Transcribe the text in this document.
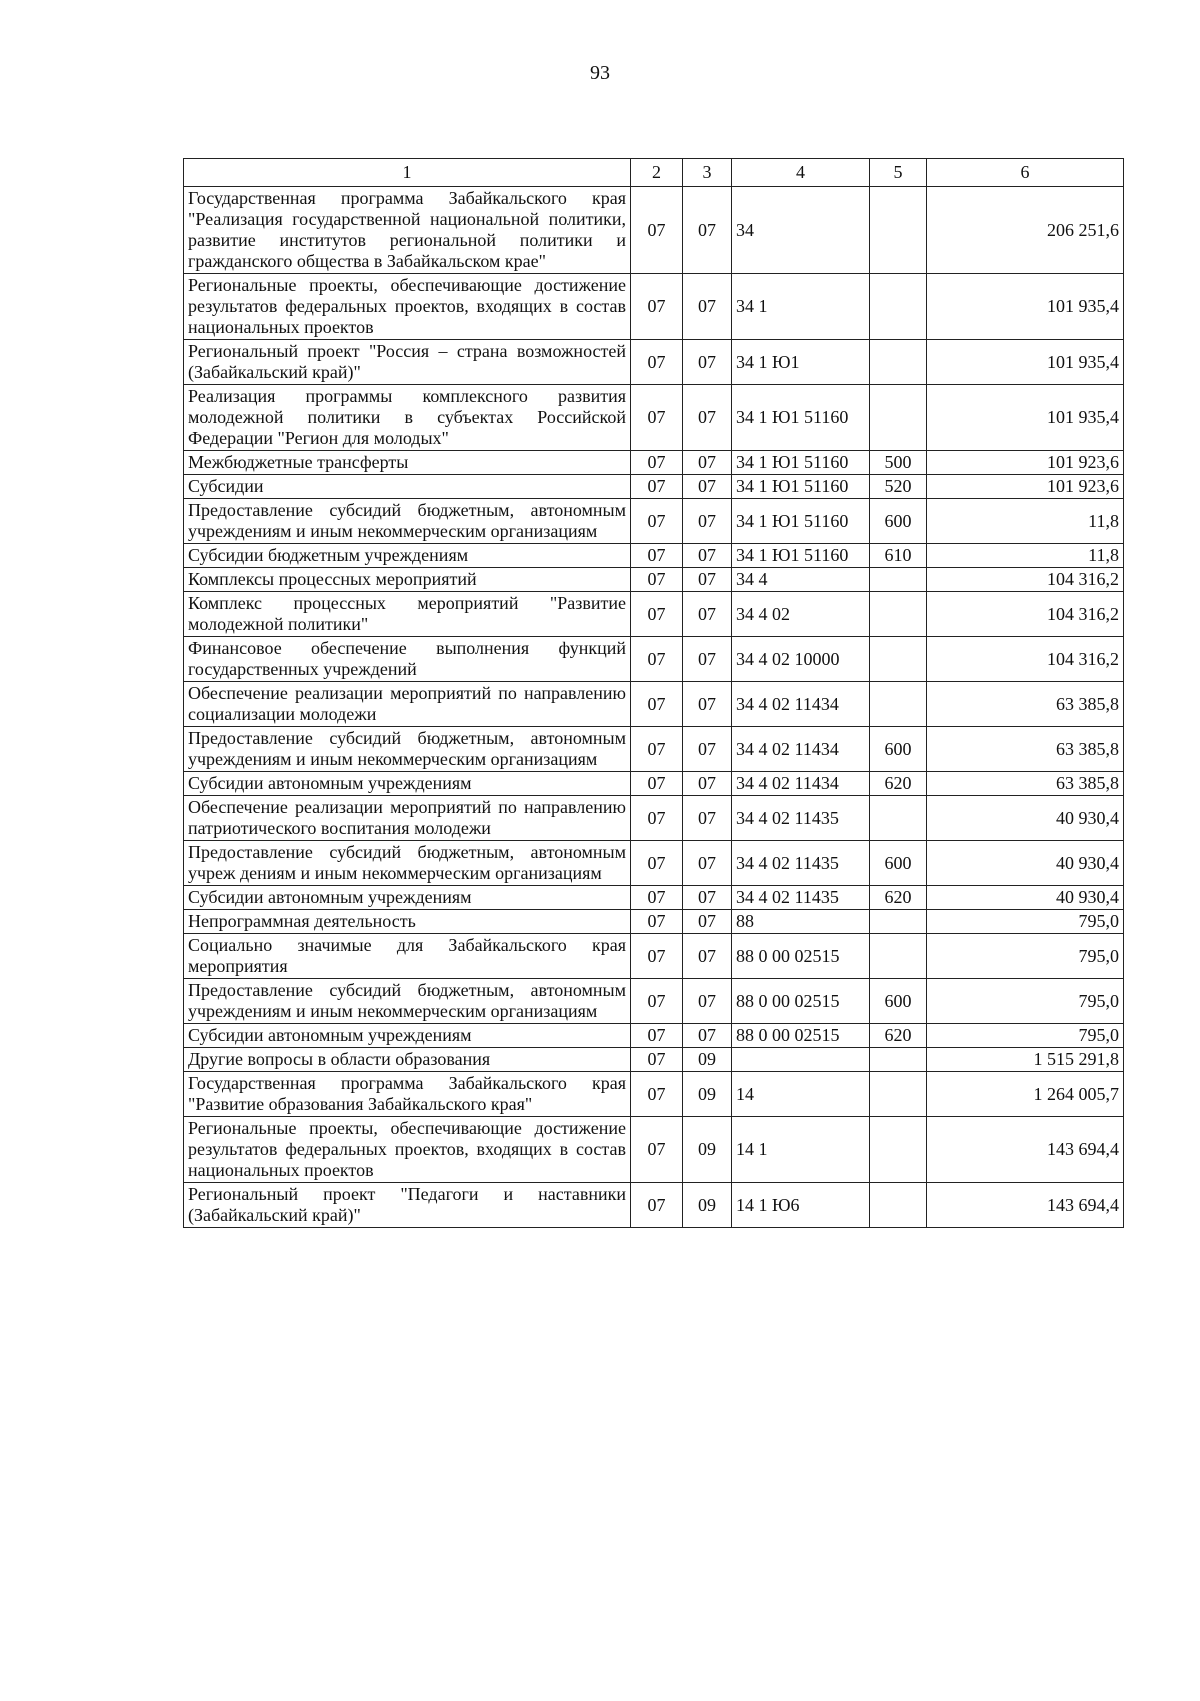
93
1	2	3	4	5	6
Государственная программа Забайкальского края "Реализация государственной национальной политики, развитие институтов региональной политики и гражданского общества в Забайкальском крае"	07	07	34		206 251,6
Региональные проекты, обеспечивающие достижение результатов федеральных проектов, входящих в состав национальных проектов	07	07	34 1		101 935,4
Региональный проект "Россия – страна возможностей (Забайкальский край)"	07	07	34 1 Ю1		101 935,4
Реализация программы комплексного развития молодежной политики в субъектах Российской Федерации "Регион для молодых"	07	07	34 1 Ю1 51160		101 935,4
Межбюджетные трансферты	07	07	34 1 Ю1 51160	500	101 923,6
Субсидии	07	07	34 1 Ю1 51160	520	101 923,6
Предоставление субсидий бюджетным, автономным учреждениям и иным некоммерческим организациям	07	07	34 1 Ю1 51160	600	11,8
Субсидии бюджетным учреждениям	07	07	34 1 Ю1 51160	610	11,8
Комплексы процессных мероприятий	07	07	34 4		104 316,2
Комплекс процессных мероприятий "Развитие молодежной политики"	07	07	34 4 02		104 316,2
Финансовое обеспечение выполнения функций государственных учреждений	07	07	34 4 02 10000		104 316,2
Обеспечение реализации мероприятий по направлению социализации молодежи	07	07	34 4 02 11434		63 385,8
Предоставление субсидий бюджетным, автономным учреждениям и иным некоммерческим организациям	07	07	34 4 02 11434	600	63 385,8
Субсидии автономным учреждениям	07	07	34 4 02 11434	620	63 385,8
Обеспечение реализации мероприятий по направлению патриотического воспитания молодежи	07	07	34 4 02 11435		40 930,4
Предоставление субсидий бюджетным, автономным учреж дениям и иным некоммерческим организациям	07	07	34 4 02 11435	600	40 930,4
Субсидии автономным учреждениям	07	07	34 4 02 11435	620	40 930,4
Непрограммная деятельность	07	07	88		795,0
Социально значимые для Забайкальского края мероприятия	07	07	88 0 00 02515		795,0
Предоставление субсидий бюджетным, автономным учреждениям и иным некоммерческим организациям	07	07	88 0 00 02515	600	795,0
Субсидии автономным учреждениям	07	07	88 0 00 02515	620	795,0
Другие вопросы в области образования	07	09			1 515 291,8
Государственная программа Забайкальского края "Развитие образования Забайкальского края"	07	09	14		1 264 005,7
Региональные проекты, обеспечивающие достижение результатов федеральных проектов, входящих в состав национальных проектов	07	09	14 1		143 694,4
Региональный проект "Педагоги и наставники (Забайкальский край)"	07	09	14 1 Ю6		143 694,4
